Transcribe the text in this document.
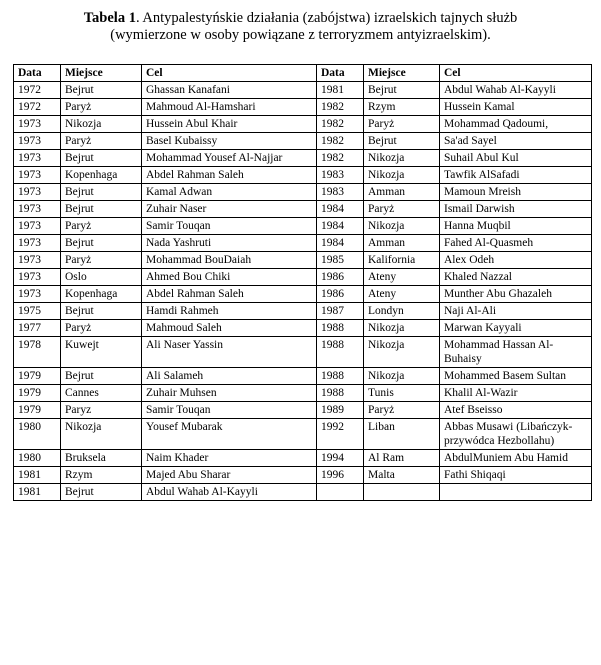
Tabela 1. Antypalestyńskie działania (zabójstwa) izraelskich tajnych służb
(wymierzone w osoby powiązane z terroryzmem antyizraelskim).
Data	Miejsce	Cel	Data	Miejsce	Cel
1972	Bejrut	Ghassan Kanafani	1981	Bejrut	Abdul Wahab Al-Kayyli
1972	Paryż	Mahmoud Al-Hamshari	1982	Rzym	Hussein Kamal
1973	Nikozja	Hussein Abul Khair	1982	Paryż	Mohammad Qadoumi,
1973	Paryż	Basel Kubaissy	1982	Bejrut	Sa'ad Sayel
1973	Bejrut	Mohammad Yousef Al-Najjar	1982	Nikozja	Suhail Abul Kul
1973	Kopenhaga	Abdel Rahman Saleh	1983	Nikozja	Tawfik AlSafadi
1973	Bejrut	Kamal Adwan	1983	Amman	Mamoun Mreish
1973	Bejrut	Zuhair Naser	1984	Paryż	Ismail Darwish
1973	Paryż	Samir Touqan	1984	Nikozja	Hanna Muqbil
1973	Bejrut	Nada Yashruti	1984	Amman	Fahed Al-Quasmeh
1973	Paryż	Mohammad BouDaiah	1985	Kalifornia	Alex Odeh
1973	Oslo	Ahmed Bou Chiki	1986	Ateny	Khaled Nazzal
1973	Kopenhaga	Abdel Rahman Saleh	1986	Ateny	Munther Abu Ghazaleh
1975	Bejrut	Hamdi Rahmeh	1987	Londyn	Naji Al-Ali
1977	Paryż	Mahmoud Saleh	1988	Nikozja	Marwan Kayyali
1978	Kuwejt	Ali Naser Yassin	1988	Nikozja	Mohammad Hassan Al-Buhaisy
1979	Bejrut	Ali Salameh	1988	Nikozja	Mohammed Basem Sultan
1979	Cannes	Zuhair Muhsen	1988	Tunis	Khalil Al-Wazir
1979	Paryz	Samir Touqan	1989	Paryż	Atef Bseisso
1980	Nikozja	Yousef Mubarak	1992	Liban	Abbas Musawi (Libańczyk-przywódca Hezbollahu)
1980	Bruksela	Naim Khader	1994	Al Ram	AbdulMuniem Abu Hamid
1981	Rzym	Majed Abu Sharar	1996	Malta	Fathi Shiqaqi
1981	Bejrut	Abdul Wahab Al-Kayyli			
